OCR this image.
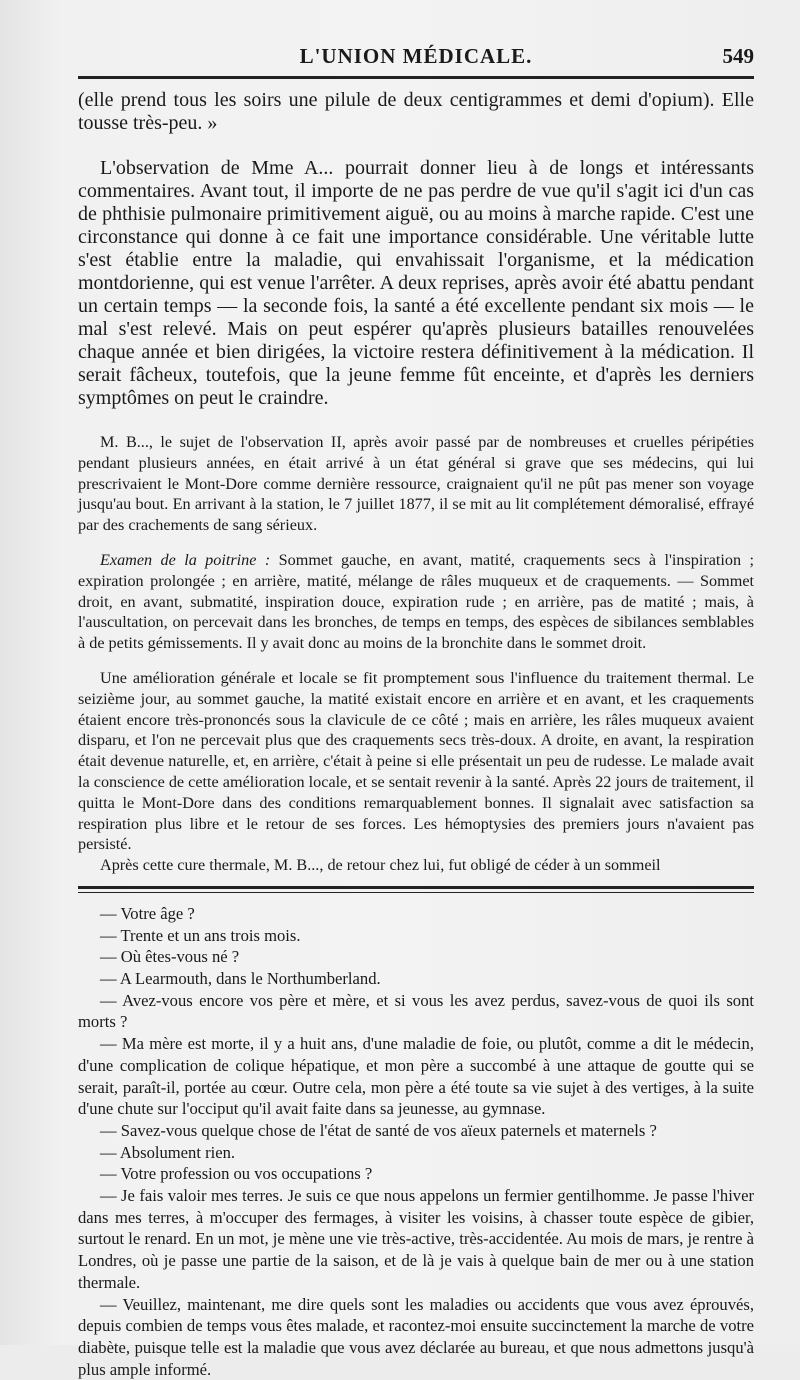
L'UNION MÉDICALE.	549

(elle prend tous les soirs une pilule de deux centigrammes et demi d'opium). Elle tousse très-peu. »

L'observation de Mme A... pourrait donner lieu à de longs et intéressants commentaires. Avant tout, il importe de ne pas perdre de vue qu'il s'agit ici d'un cas de phthisie pulmonaire primitivement aiguë, ou au moins à marche rapide. C'est une circonstance qui donne à ce fait une importance considérable. Une véritable lutte s'est établie entre la maladie, qui envahissait l'organisme, et la médication montdorienne, qui est venue l'arrêter. A deux reprises, après avoir été abattu pendant un certain temps — la seconde fois, la santé a été excellente pendant six mois — le mal s'est relevé. Mais on peut espérer qu'après plusieurs batailles renouvelées chaque année et bien dirigées, la victoire restera définitivement à la médication. Il serait fâcheux, toutefois, que la jeune femme fût enceinte, et d'après les derniers symptômes on peut le craindre.

M. B..., le sujet de l'observation II, après avoir passé par de nombreuses et cruelles péripéties pendant plusieurs années, en était arrivé à un état général si grave que ses médecins, qui lui prescrivaient le Mont-Dore comme dernière ressource, craignaient qu'il ne pût pas mener son voyage jusqu'au bout. En arrivant à la station, le 7 juillet 1877, il se mit au lit complétement démoralisé, effrayé par des crachements de sang sérieux.

Examen de la poitrine : Sommet gauche, en avant, matité, craquements secs à l'inspiration ; expiration prolongée ; en arrière, matité, mélange de râles muqueux et de craquements. — Sommet droit, en avant, submatité, inspiration douce, expiration rude ; en arrière, pas de matité ; mais, à l'auscultation, on percevait dans les bronches, de temps en temps, des espèces de sibilances semblables à de petits gémissements. Il y avait donc au moins de la bronchite dans le sommet droit.

Une amélioration générale et locale se fit promptement sous l'influence du traitement thermal. Le seizième jour, au sommet gauche, la matité existait encore en arrière et en avant, et les craquements étaient encore très-prononcés sous la clavicule de ce côté ; mais en arrière, les râles muqueux avaient disparu, et l'on ne percevait plus que des craquements secs très-doux. A droite, en avant, la respiration était devenue naturelle, et, en arrière, c'était à peine si elle présentait un peu de rudesse. Le malade avait la conscience de cette amélioration locale, et se sentait revenir à la santé. Après 22 jours de traitement, il quitta le Mont-Dore dans des conditions remarquablement bonnes. Il signalait avec satisfaction sa respiration plus libre et le retour de ses forces. Les hémoptysies des premiers jours n'avaient pas persisté.

Après cette cure thermale, M. B..., de retour chez lui, fut obligé de céder à un sommeil

— Votre âge ?

— Trente et un ans trois mois.

— Où êtes-vous né ?

— A Learmouth, dans le Northumberland.

— Avez-vous encore vos père et mère, et si vous les avez perdus, savez-vous de quoi ils sont morts ?

— Ma mère est morte, il y a huit ans, d'une maladie de foie, ou plutôt, comme a dit le médecin, d'une complication de colique hépatique, et mon père a succombé à une attaque de goutte qui se serait, paraît-il, portée au cœur. Outre cela, mon père a été toute sa vie sujet à des vertiges, à la suite d'une chute sur l'occiput qu'il avait faite dans sa jeunesse, au gymnase.

— Savez-vous quelque chose de l'état de santé de vos aïeux paternels et maternels ?

— Absolument rien.

— Votre profession ou vos occupations ?

— Je fais valoir mes terres. Je suis ce que nous appelons un fermier gentilhomme. Je passe l'hiver dans mes terres, à m'occuper des fermages, à visiter les voisins, à chasser toute espèce de gibier, surtout le renard. En un mot, je mène une vie très-active, très-accidentée. Au mois de mars, je rentre à Londres, où je passe une partie de la saison, et de là je vais à quelque bain de mer ou à une station thermale.

— Veuillez, maintenant, me dire quels sont les maladies ou accidents que vous avez éprouvés, depuis combien de temps vous êtes malade, et racontez-moi ensuite succinctement la marche de votre diabète, puisque telle est la maladie que vous avez déclarée au bureau, et que nous admettons jusqu'à plus ample informé.
